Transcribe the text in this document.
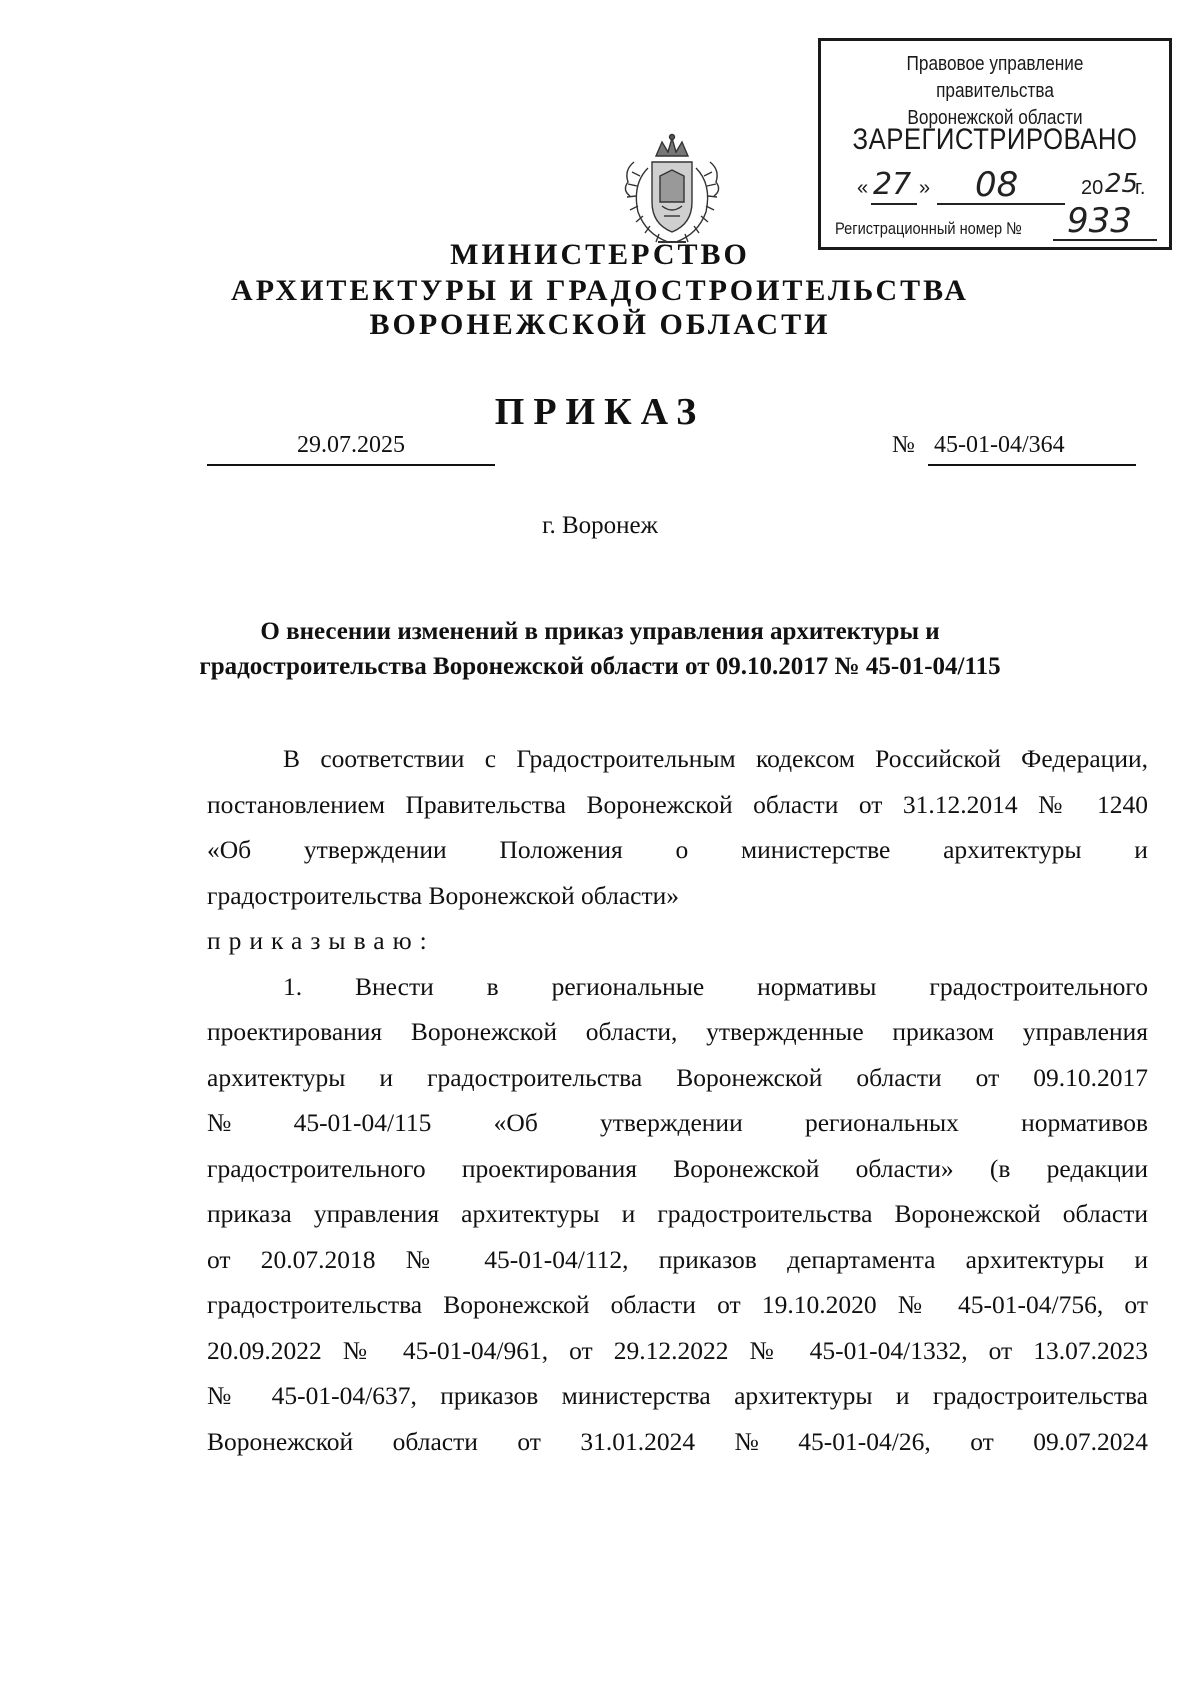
Правовое управление правительства
Воронежской области
ЗАРЕГИСТРИРОВАНО
« 27 » 08	20 25
г.
Регистрационный номер № 933
МИНИСТЕРСТВО
АРХИТЕКТУРЫ И ГРАДОСТРОИТЕЛЬСТВА
ВОРОНЕЖСКОЙ ОБЛАСТИ
ПРИКАЗ
29.07.2025	№ 45-01-04/364
г. Воронеж
О внесении изменений в приказ управления архитектуры и
градостроительства Воронежской области от 09.10.2017 № 45-01-04/115
В соответствии с Градостроительным кодексом Российской Федерации,
постановлением Правительства Воронежской области от 31.12.2014 № 1240
«Об утверждении Положения о министерстве архитектуры и
градостроительства Воронежской области»
приказываю:
1. Внести в региональные нормативы градостроительного
проектирования Воронежской области, утвержденные приказом управления
архитектуры и градостроительства Воронежской области от 09.10.2017
№ 45-01-04/115 «Об утверждении региональных нормативов
градостроительного проектирования Воронежской области» (в редакции
приказа управления архитектуры и градостроительства Воронежской области
от 20.07.2018 № 45-01-04/112, приказов департамента архитектуры и
градостроительства Воронежской области от 19.10.2020 № 45-01-04/756, от
20.09.2022 № 45-01-04/961, от 29.12.2022 № 45-01-04/1332, от 13.07.2023
№ 45-01-04/637, приказов министерства архитектуры и градостроительства
Воронежской области от 31.01.2024 № 45-01-04/26, от 09.07.2024
